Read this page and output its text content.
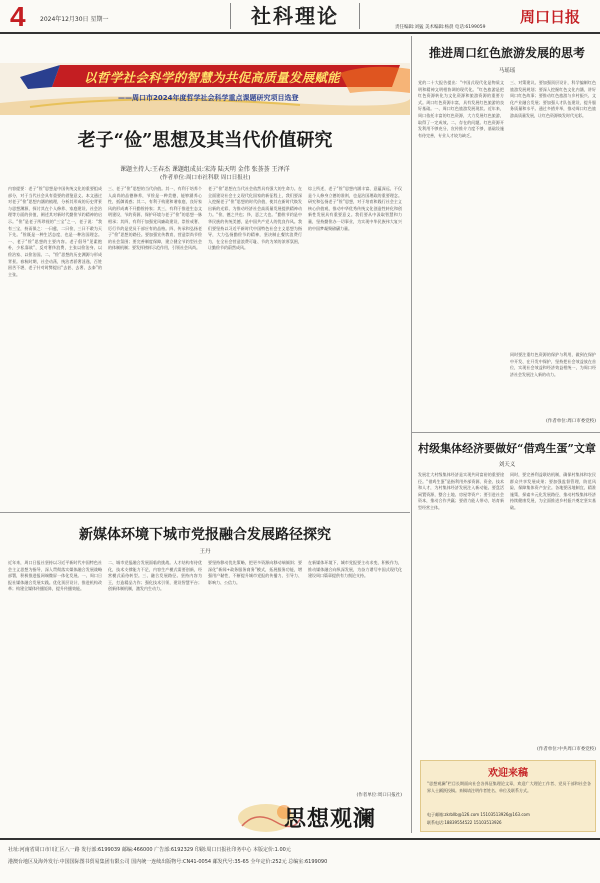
4 2024年12月30日 星期一	社科理论	周口日报
责任编辑:刘猛 美术编辑:杨晨 电话:6199059
以哲学社会科学的智慧为共促高质量发展赋能
——周口市2024年度哲学社会科学重点课题研究项目选登
老子“俭”思想及其当代价值研究
课题主持人:王春杰 课题组成员:宋涛 陆天明 金伟 张荟荟 王泽洋
(作者单位:周口市社科联 周口日报社)
内容提要：老子“俭”思想是中国传统文化的重要组成部分，对于当代社会具有重要的借鉴意义。本文通过对老子“俭”思想内涵的梳理，分析其形成的历史背景与思想渊源，探讨其在个人修养、家庭建设、社会治理等方面的价值，阐述其对新时代勤俭节约精神的启示。“俭”是老子所珍视的“三宝”之一，老子说：“我有三宝，持而保之：一曰慈，二曰俭，三曰不敢为天下先。”俭既是一种生活态度，也是一种治国理念。一、老子“俭”思想的主要内容。老子倡导“见素抱朴，少私寡欲”，反对奢侈浪费，主张以俭治身、以俭治家、以俭治国。二、“俭”思想的历史渊源与形成背景。春秋时期，社会动荡，统治者骄奢淫逸，百姓困苦不堪，老子针对时弊提出“去甚、去奢、去泰”的主张。
三、老子“俭”思想的当代价值。其一，有利于培养个人高尚的品德修养，节俭是一种美德，能够涵养心性，抵御诱惑；其二，有利于构建和谐家庭，良好家风的形成离不开勤俭持家；其三，有利于推进生态文明建设，节约资源、保护环境与老子“俭”的思想一脉相承；其四，有利于加强党风廉政建设，崇俭戒奢、厉行节约是党员干部应有的品格。四、传承和弘扬老子“俭”思想的路径。要加强宣传教育，营造崇尚节俭的社会氛围；要完善制度保障，建立健全节约型社会的体制机制；要发挥榜样示范作用，引领社会风尚。
老子“俭”思想在当代社会依然具有强大的生命力。在全面建设社会主义现代化国家的新征程上，我们要深入挖掘老子“俭”思想的时代价值，使其在新时代焕发出新的光彩，为推动经济社会高质量发展提供精神动力。“俭，德之共也；侈，恶之大也。”勤俭节约是中华民族的传统美德，是中国共产党人的优良作风。我们要坚持以习近平新时代中国特色社会主义思想为指导，大力弘扬勤俭节约精神，坚决制止餐饮浪费行为，在全社会营造浪费可耻、节约为荣的浓厚氛围，让勤俭节约蔚然成风。
综上所述，老子“俭”思想内涵丰富、意蕴深远，不仅是个人修身立德的准则，也是治国理政的重要理念。研究和弘扬老子“俭”思想，对于培育和践行社会主义核心价值观、推动中华优秀传统文化创造性转化和创新性发展具有重要意义。我们要从中汲取智慧和力量，坚持勤俭办一切事业，为实现中华民族伟大复兴的中国梦凝聚磅礴力量。
推进周口红色旅游发展的思考
马瑶瑶
党的二十大报告提出：“中国式现代化是物质文明和精神文明相协调的现代化。”红色旅游是把红色资源转化为文化资源和旅游资源的重要方式。周口红色资源丰富，具有发展红色旅游的良好基础。一、周口红色旅游发展现状。近年来，周口依托丰富的红色资源，大力发展红色旅游，取得了一定成效。二、存在的问题。红色资源开发利用不够充分，宣传推介力度不够，基础设施有待完善，专业人才较为缺乏。
三、对策建议。要加强顶层设计，科学编制红色旅游发展规划；要深入挖掘红色文化内涵，讲好周口红色故事；要推动红色旅游与乡村振兴、文化产业融合发展；要加强人才队伍建设，提升服务质量和水平。通过多措并举，推动周口红色旅游高质量发展，让红色资源焕发时代光彩。
同时要注重红色资源的保护与利用，做到在保护中开发、在开发中保护，坚持把社会效益放在首位，实现社会效益和经济效益相统一，为周口经济社会发展注入新的动力。
(作者单位:周口市委党校)
村级集体经济要做好“借鸡生蛋”文章
刘天义
发展壮大村级集体经济是实现共同富裕的重要途径。“借鸡生蛋”是指利用外部资源、资金、技术和人才，为村集体经济发展注入新动能。要盘活闲置资源，整合土地、房屋等资产；要引进社会资本，推动合作共赢；要借力能人带动，培育新型经营主体。
同时，要完善利益联结机制，确保村集体和农民群众共享发展成果；要加强监督管理，防范风险，保障集体资产安全。各地要因地制宜、精准施策，探索多元化发展路径，推动村级集体经济持续健康发展，为全面推进乡村振兴奠定坚实基础。
(作者单位:中共周口市委党校)
新媒体环境下城市党报融合发展路径探究
王丹
近年来，周口日报社坚持以习近平新时代中国特色社会主义思想为指导，深入贯彻落实媒体融合发展战略部署，积极推进报网端微屏一体化发展。一、周口日报社媒体融合发展实践。优化顶层设计，推进机构改革；构建全媒体传播矩阵，提升传播效能。
二、城市党报融合发展面临的挑战。人才结构有待优化，技术支撑能力不足，内容生产模式需要创新，经营模式亟待转型。三、融合发展路径。坚持内容为王，打造精品力作；强化技术引领，建设智慧平台；创新体制机制，激发内生动力。
要坚持移动优先策略，把更多资源向移动端倾斜；要深化“新闻+政务服务商务”模式，拓展服务功能，增强用户黏性，不断提升城市党报的传播力、引导力、影响力、公信力。
在新媒体环境下，城市党报要主动求变、积极作为，推动媒体融合向纵深发展，为奋力谱写中国式现代化建设周口篇章提供有力舆论支持。
(作者单位:周口日报社)
思想观澜
欢迎来稿
“思想观澜”栏目长期面向社会各界征集理论文章，欢迎广大理论工作者、党员干部和社会各界人士踊跃投稿。来稿请注明作者姓名、单位及联系方式。
电子邮箱:zkrbllb@126.com 15103513926@163.com
联系电话:18839554522 15103513926
社址:河南省周口市川汇区八一路 发行部:6199039 邮编:466000 广告部:6192329 印刷:周口日报社印务中心 本版定价:1.00元
港澳台地区及海外发行:中国国际图书贸易集团有限公司 国内统一连续出版物号:CN41-0054 邮发代号:35-65 全年定价:252元 总编室:6199090
